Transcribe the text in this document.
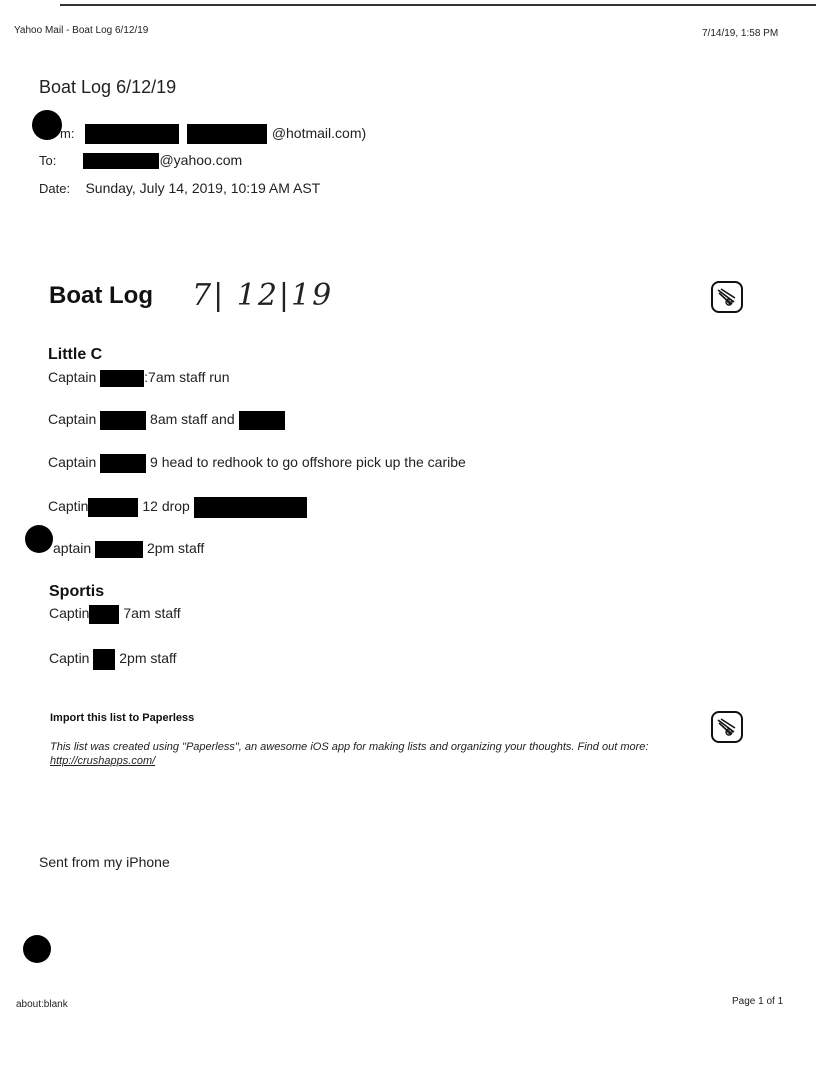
Yahoo Mail - Boat Log 6/12/19	7/14/19, 1:58 PM
Boat Log 6/12/19
m:	@hotmail.com)
To:	@yahoo.com
Date: Sunday, July 14, 2019, 10:19 AM AST
Boat Log 7| 12|19
Little C
Captain	:7am staff run
Captain	8am staff and
Captain	9 head to redhook to go offshore pick up the caribe
Captin	12 drop
aptain	2pm staff
Sportis
Captin 7am staff
Captin 2pm staff
Import this list to Paperless
This list was created using "Paperless", an awesome iOS app for making lists and organizing your thoughts. Find out more: http://crushapps.com/
Sent from my iPhone
about:blank	Page 1 of 1
